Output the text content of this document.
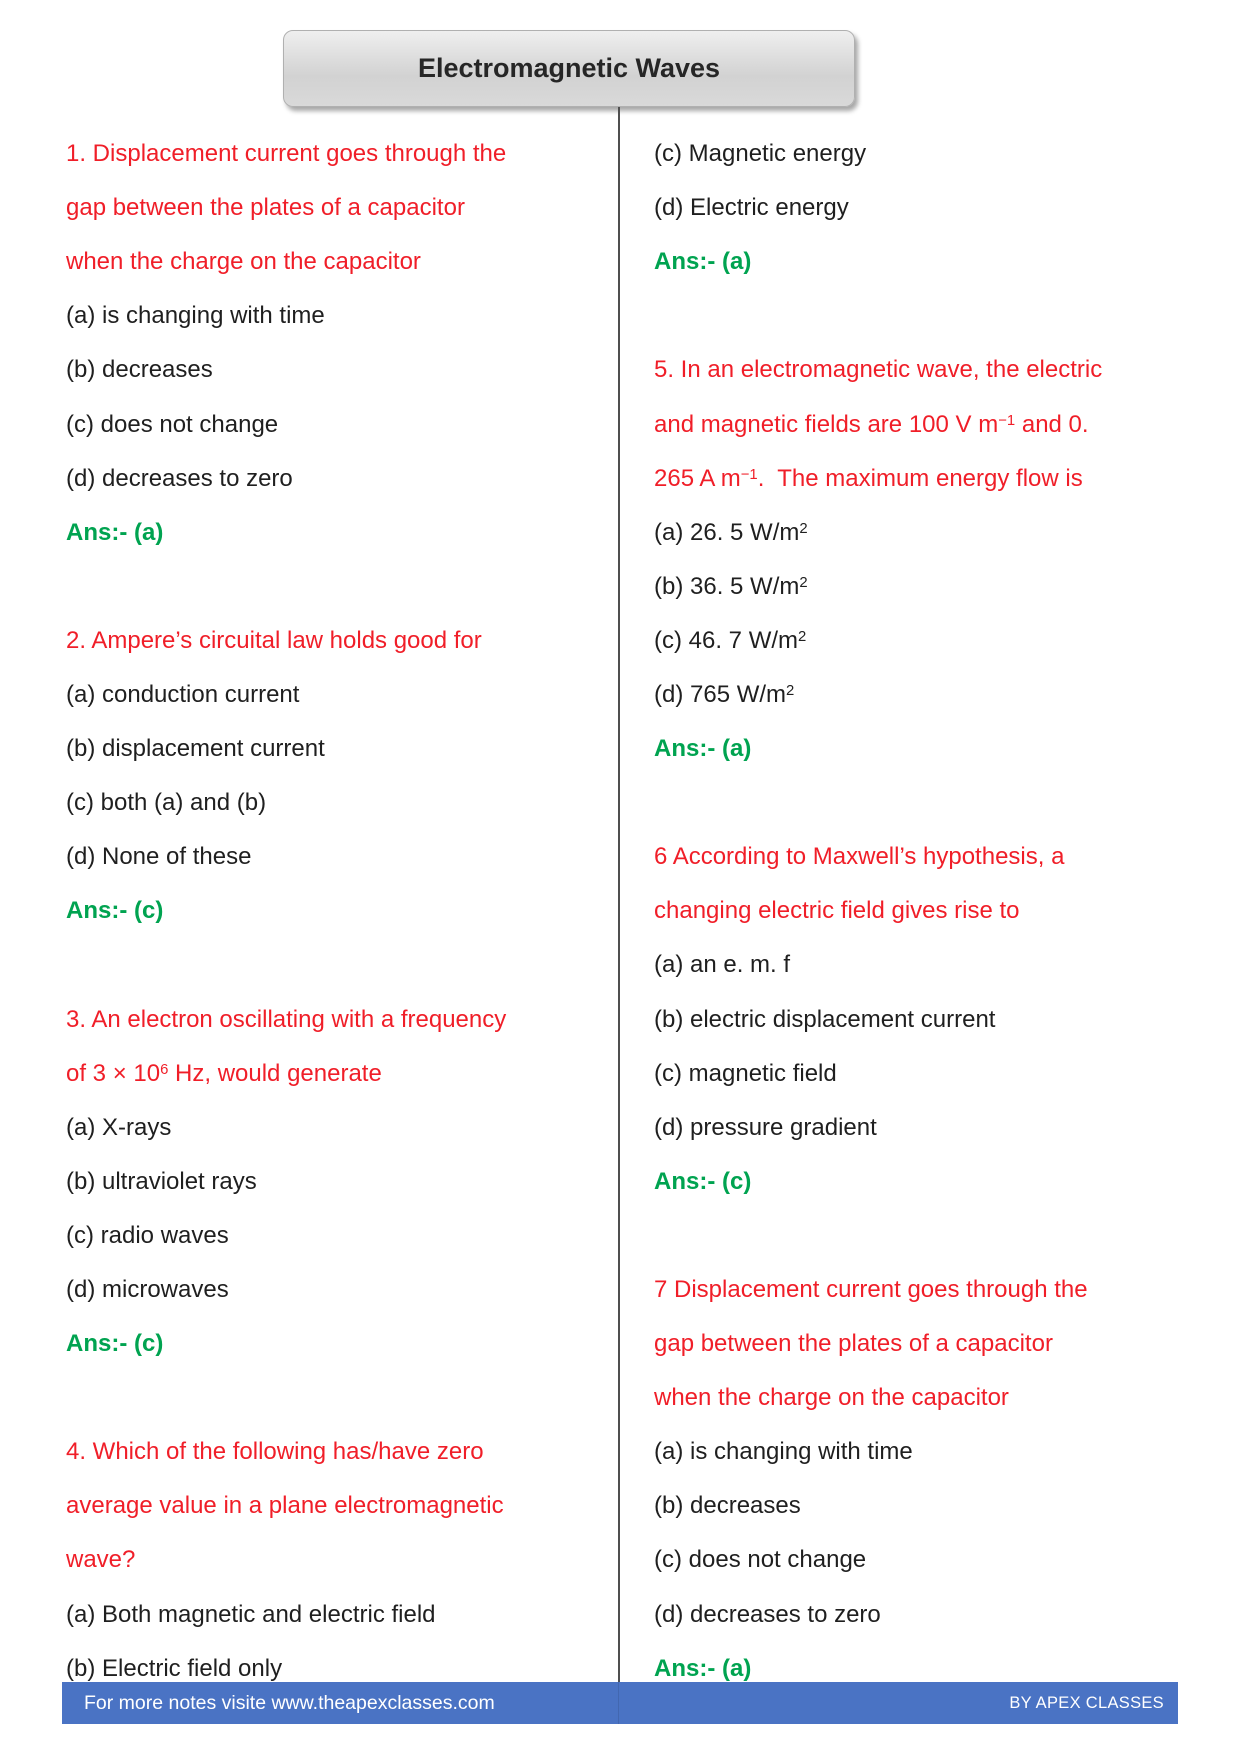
Electromagnetic Waves
1. Displacement current goes through the
gap between the plates of a capacitor
when the charge on the capacitor
(a) is changing with time
(b) decreases
(c) does not change
(d) decreases to zero
Ans:- (a)
2. Ampere’s circuital law holds good for
(a) conduction current
(b) displacement current
(c) both (a) and (b)
(d) None of these
Ans:- (c)
3. An electron oscillating with a frequency
of $3 \times 10^6$ Hz, would generate
(a) X-rays
(b) ultraviolet rays
(c) radio waves
(d) microwaves
Ans:- (c)
4. Which of the following has/have zero
average value in a plane electromagnetic
wave?
(a) Both magnetic and electric field
(b) Electric field only
(c) Magnetic energy
(d) Electric energy
Ans:- (a)
5. In an electromagnetic wave, the electric
and magnetic fields are 100 V $m^{-1}$ and 0.
265 A $m^{-1}$.  The maximum energy flow is
(a) 26. 5 $W/m^2$
(b) 36. 5 $W/m^2$
(c) 46. 7 $W/m^2$
(d) 765 $W/m^2$
Ans:- (a)
6 According to Maxwell’s hypothesis, a
changing electric field gives rise to
(a) an e. m. f
(b) electric displacement current
(c) magnetic field
(d) pressure gradient
Ans:- (c)
7 Displacement current goes through the
gap between the plates of a capacitor
when the charge on the capacitor
(a) is changing with time
(b) decreases
(c) does not change
(d) decreases to zero
Ans:- (a)
For more notes visite www.theapexclasses.com	BY APEX CLASSES
